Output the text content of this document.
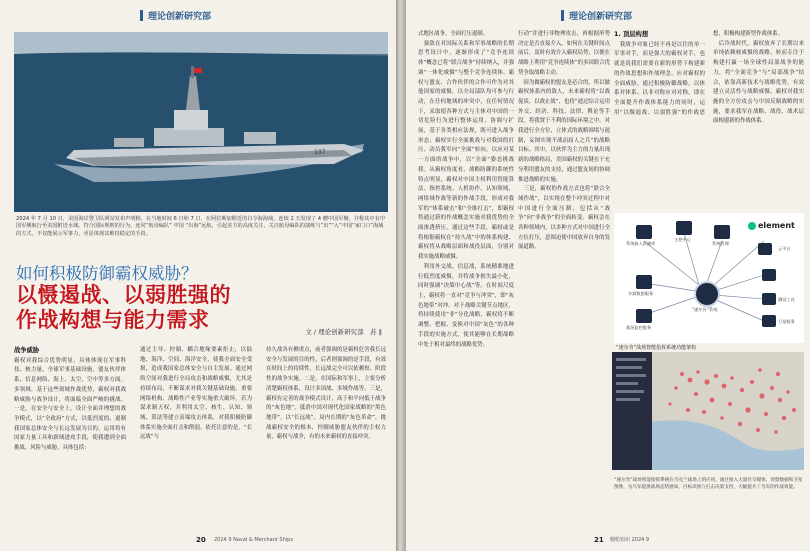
理论创新研究部
107
2024 年 7 月 10 日，美国海岸警卫队网站发布声明称，在当地时间 6 日和 7 日，在阿拉斯加附近的白令海海域，连续 2 天发现了 4 艘中国军舰，并称其中有中国军舰航行至美国附近水域。符合国际规则的行为，连同“航母编队” 中国 “出海”远航，引起美方的高度关注，关注航母编队的演练与“出”“入”中国“家门口”海域的方式，不仅能展示军事力，更显体现其维持稳定的手段。
如何积极防御霸权威胁？
以慑遏战、以弱胜强的
作战构想与能力需求	文 / 理论创新研究部　苏 ‖
战争威胁
霸权对我综合优势明显，具体体现在军事科技、核力量、全球军事基础设施、盟友伙伴体系、信息网络、海上、太空、空中等多方面。多领域、基于这些领域作战优势，霸权对我战略威胁与战争设计，将面临全面严峻的挑战。一是，在安全与安全上，设计全面并理想的战争模式，以“全政府”方式，以低烈度的、遏制我国家总体安全与长远发展为目的，运用将有国家力量工具和新域进攻手段，使我遭到全面挑战、风险与威胁，具体包括：
通过主导、控制、耦合地缘要素拒止，以陆地、海洋、空间、海洋安全，使我全面安全受损，造成我国家总体安全与自主发展。通过网络空间对我进行全局攻击和战略威慑，尤其是持续布局，不断谋求对我关键基础设施、重要网络机构、战略性产业等实施重大破坏。若为谋求制天权，并利用太空、核生、认知、领域、算法等建立高端攻击体系，对我积极防御体系实施全面打击和削弱。依托注意的是，“长远战”与
持久战各有侧重点，前者强调的是霸权危害我长远安全与发展的目的性，后者则强调的是手段，有效在时间上的持续性，长远战完全可以依赖短、阶段性的战争实施。二是，在国际和军事上，主要分析清楚霸权体系，设计多国战、多域作战等。三是，霸权有完善的战争模式设计，高于和平向低于战争的“灰色地”，抵消中国对现代化国家战略的“黑色地带”。以“长远战”、局内长期的“灰色革命”，挑战霸权安全的根本，控制威胁盟友伙伴的主权力量，霸权与战争，有的未来霸权的直接冲突。
20 2024 9 Naval & Merchant Ships
理论创新研究部
式地区战争，全面打压遏制。
　强敌在对国际关系和军事战略的长期思考设计中，逐渐形成了“竞争连续体”概念已将“联合战争”持续纳入，并强调“一体化威慑”与整个竞争连续体、霸权与盟友、合作伙伴的合作可作为对其他国家的威慑，以全局部队均可参与行动，在任何地域的冲突中，在任何情况下，采取使各种方式与主体对中国的一切危险行为进行整体运用、协调与扩展，基于各类相应法规，既可进入战争形态；霸权实行全面挑战与对我国的打压、动员我军向“全面”转向，以应对某一方面的战争中，以“全面”姿态挑战我。从霸权角度看，战略防御的系统性特点明显，霸权对中国主权利用智能算法、指控系统、人机协作、认知领域、网络域作战等新的作战手段，形成对我军的“体系破击”和“全维打击”，即霸权将通过新的作战概念实施对我优势的全面渗透挤压。通过这些手段，霸权或是将根据霸权在“持久战”中的体系构建、霸权将从战略层面和战役层面，分别对我实施战略威慑。
　利用外交战、信息战，系统精准地进行低烈度威慑，并将战争损失最小化，同时强调“决策中心战”等。在时间尺度上，霸权将一直对“竞争与冲突”，即“灰色地带”对冲。对于战略关键节点地区，将持续使用“非”分化战略，霸权将不断调整、把握、变换对中国“灰色”的各种手段的实施方式，使其能够在长期战略中处于相对最终的战略优势。
行动”并进行非物理攻击，再根据形势决定是否直接介入。如何在关键时间点前后，及时有效介入霸权局势，以便在战略上利用“竞争连续体”的多国联合优势争取战略主动。
　因为做霸权的盟友是必合的，所以做霸权体系内的敌人，未来霸权将“以战促谈、以战止战”，也将“通过综合运用外交、经济、科技、法律、舆论等手段，将我置于不利的国际环境之中，对我进行全方位、立体式的战略围堵与遏制，妄图实现不战而屈人之兵”的战略目标。其中，以伙伴为主力的力量出现新的战略格局，美国霸权的关键在于充分利用盟友的支持，通过盟友间的协调推进战略的实施。
　三是，霸权的作战方式也将“联合全域作战”，以实现在整个冲突过程中对中国进行全面压制，包括从“战争”向“非战争”的全面转变。霸权会在各种领域内，以多种方式对中国进行全方位打压，意图迫使中国放弃自身的发展道路。
1. 顶层构想
　我战争对象已经不再是以往的单一军事对手，而是强大的霸权对手，也就是说我们需要在新的形势下构建新的作战思想和作战理念，应对霸权的全面威胁。通过积极防御战略，以体系对体系、以非对称应对对称，即在全面提升作战体系能力的同时，运用“以慑遏战、以弱胜强”的作战思想，积极构建新型作战体系。
　后冷战时代，霸权放弃了长期以来单纯依赖核威慑的战略，转而专注于构建打赢一场全球性局部战争的能力，将“全面竞争”与“局部战争”结合，依靠高新技术与战略优势，有效建立灵活性与战略威慑。霸权对我实施的全方位攻击与中国反制战略的实施，要求我军在战略、战役、战术层面构建新的作战体系。
element
系统接入资源库
主控中心
系统管理
云平台
多源数据服务
战场监控服务
“速尔肯”系统
测试工具
卫星服务
“速尔肯”战场智能指挥系统功能架构
“速尔肯”战场智能指挥系统在乌克兰战场上的应用，通过接入大量社交媒体、侦察数据和卫星图像，为乌军提供战场态势感知、目标识别与打击决策支持，大幅提升了乌军的作战效能。
21 舰船知识 2024 9
